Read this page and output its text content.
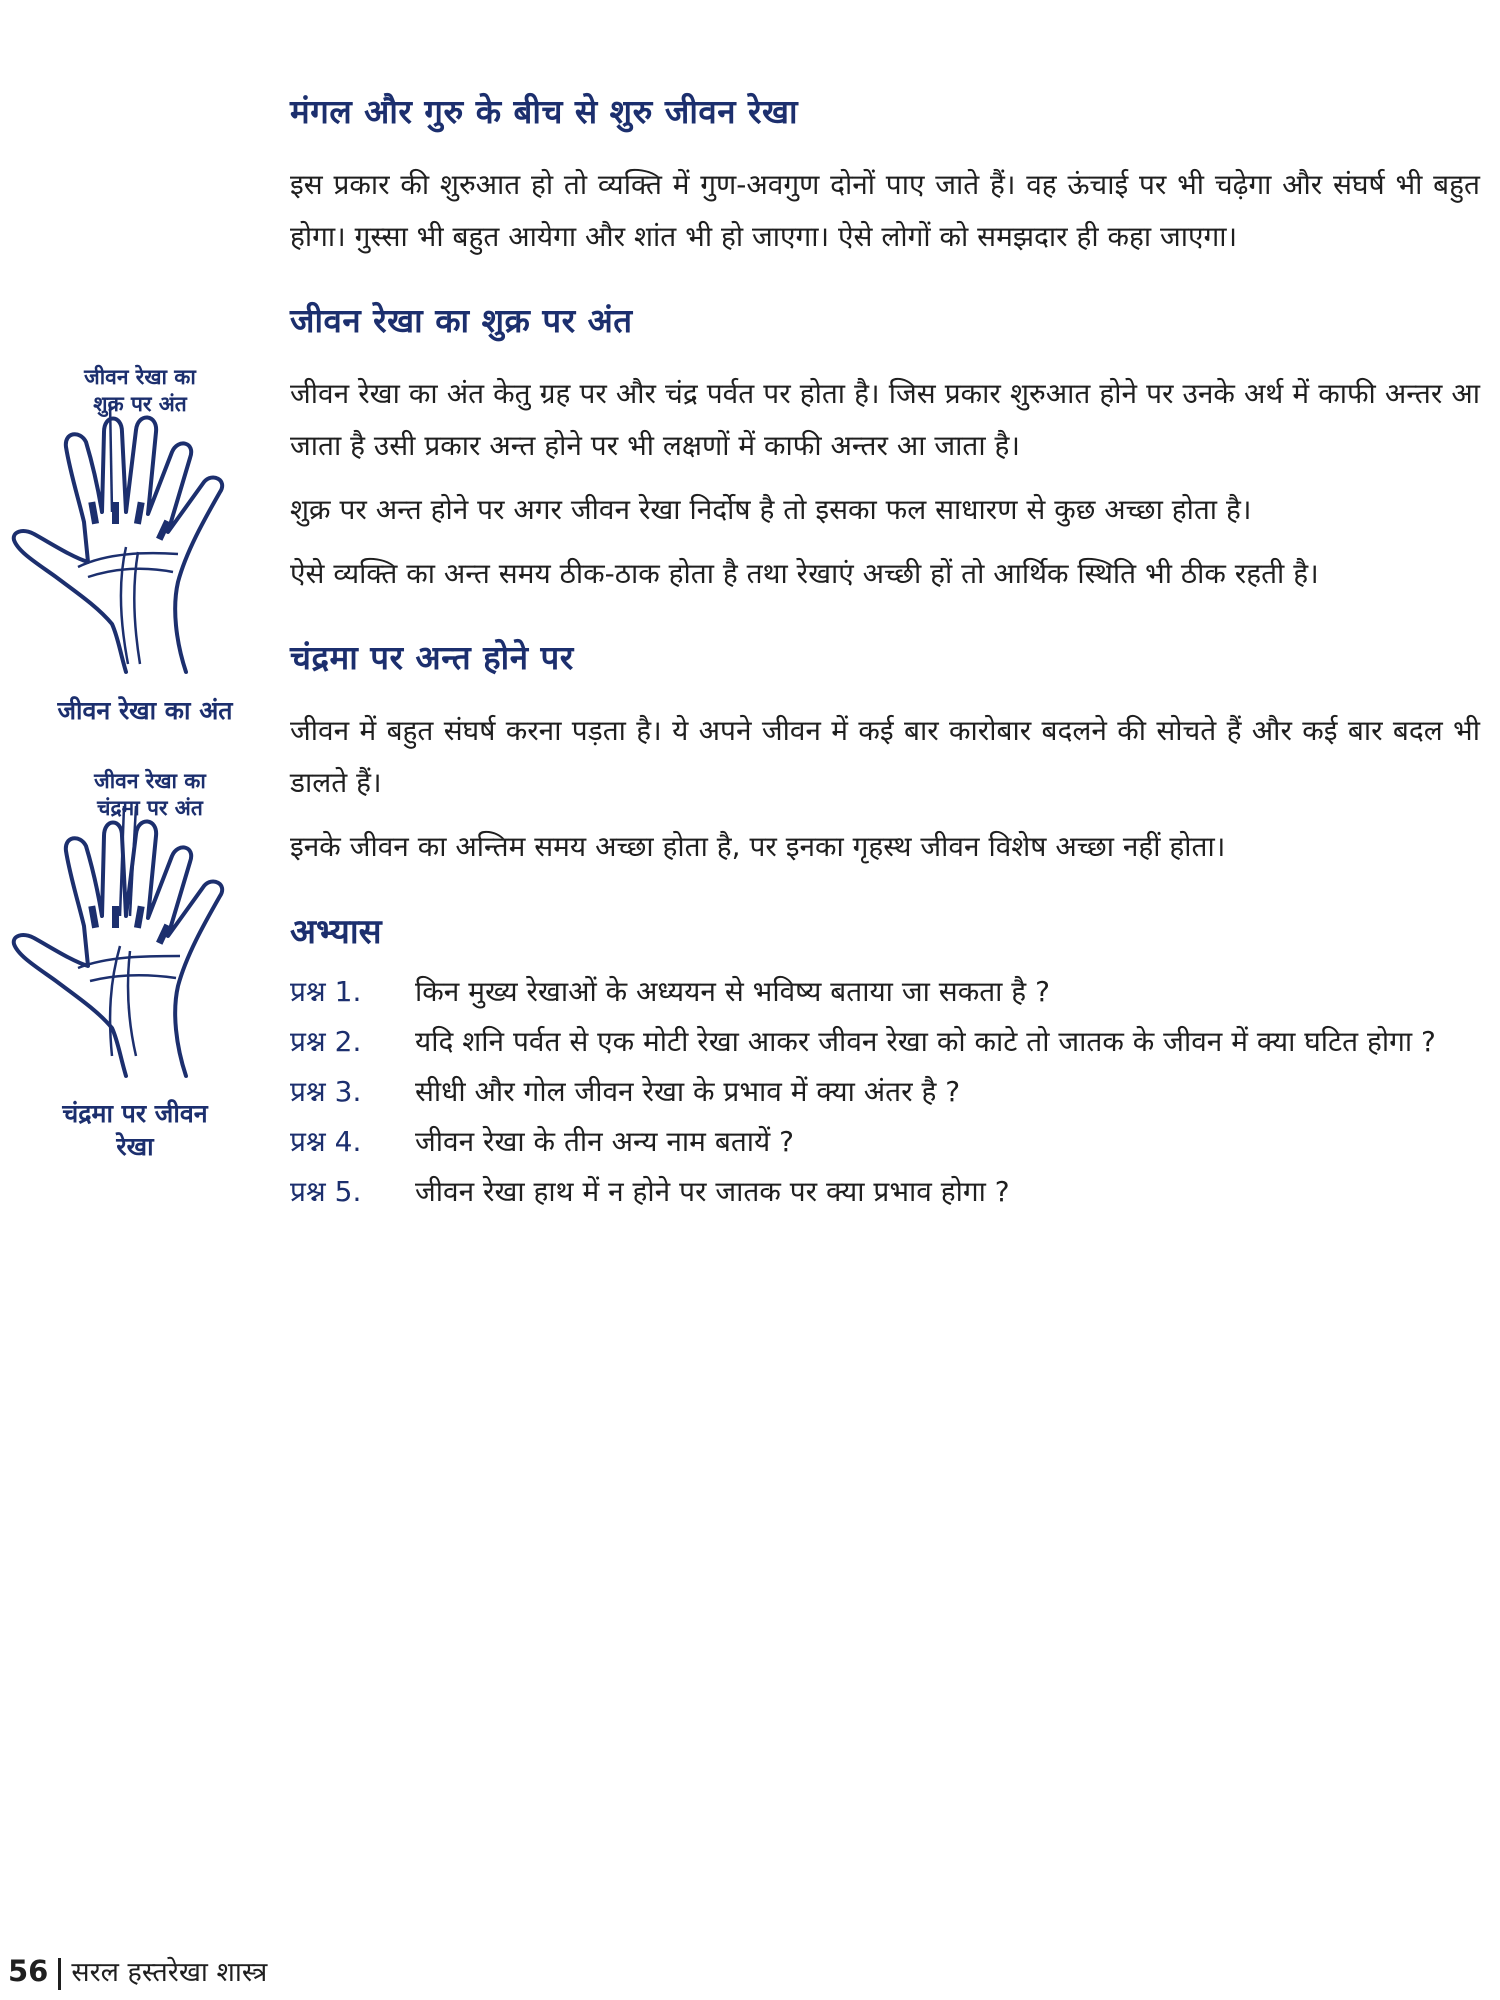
जीवन रेखा का
शुक्र पर अंत
जीवन रेखा का अंत
जीवन रेखा का
चंद्रमा पर अंत
चंद्रमा पर जीवन
रेखा
मंगल और गुरु के बीच से शुरु जीवन रेखा

इस प्रकार की शुरुआत हो तो व्यक्ति में गुण-अवगुण दोनों पाए जाते हैं। वह ऊंचाई पर भी चढ़ेगा और संघर्ष भी बहुत होगा। गुस्सा भी बहुत आयेगा और शांत भी हो जाएगा। ऐसे लोगों को समझदार ही कहा जाएगा।

जीवन रेखा का शुक्र पर अंत

जीवन रेखा का अंत केतु ग्रह पर और चंद्र पर्वत पर होता है। जिस प्रकार शुरुआत होने पर उनके अर्थ में काफी अन्तर आ जाता है उसी प्रकार अन्त होने पर भी लक्षणों में काफी अन्तर आ जाता है।

शुक्र पर अन्त होने पर अगर जीवन रेखा निर्दोष है तो इसका फल साधारण से कुछ अच्छा होता है।

ऐसे व्यक्ति का अन्त समय ठीक-ठाक होता है तथा रेखाएं अच्छी हों तो आर्थिक स्थिति भी ठीक रहती है।

चंद्रमा पर अन्त होने पर

जीवन में बहुत संघर्ष करना पड़ता है। ये अपने जीवन में कई बार कारोबार बदलने की सोचते हैं और कई बार बदल भी डालते हैं।

इनके जीवन का अन्तिम समय अच्छा होता है, पर इनका गृहस्थ जीवन विशेष अच्छा नहीं होता।

अभ्यास
प्रश्न 1.	किन मुख्य रेखाओं के अध्ययन से भविष्य बताया जा सकता है ?
प्रश्न 2.	यदि शनि पर्वत से एक मोटी रेखा आकर जीवन रेखा को काटे तो जातक के जीवन में क्या घटित होगा ?
प्रश्न 3.	सीधी और गोल जीवन रेखा के प्रभाव में क्या अंतर है ?
प्रश्न 4.	जीवन रेखा के तीन अन्य नाम बतायें ?
प्रश्न 5.	जीवन रेखा हाथ में न होने पर जातक पर क्या प्रभाव होगा ?
56 सरल हस्तरेखा शास्त्र
